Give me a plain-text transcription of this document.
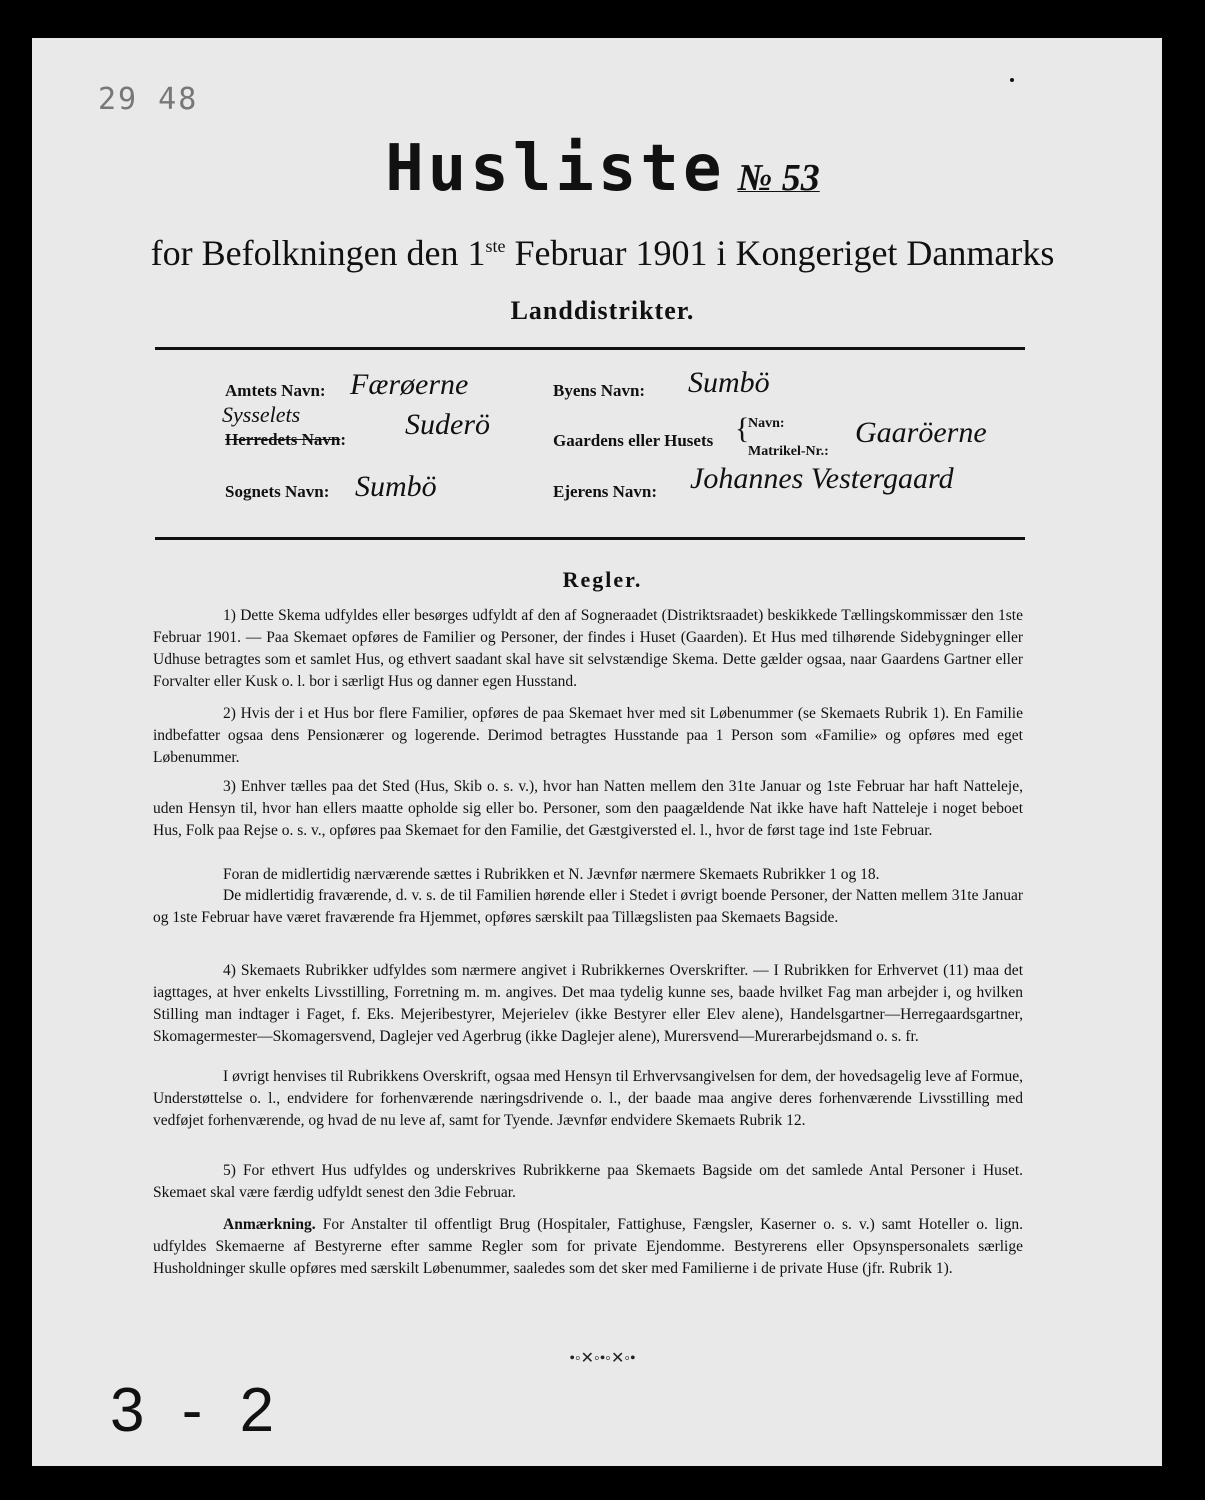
29 48
Husliste № 53
for Befolkningen den 1ste Februar 1901 i Kongeriget Danmarks
Landdistrikter.
Amtets Navn: Færøerne
Sysselets
Herredets Navn: Suderö
Sognets Navn: Sumbö
Byens Navn: Sumbö
Gaardens eller Husets {
Navn:
Matrikel-Nr.:
Gaaröerne
Ejerens Navn: Johannes Vestergaard
Regler.

1) Dette Skema udfyldes eller besørges udfyldt af den af Sogneraadet (Distriktsraadet) beskikkede Tællingskommissær den 1ste Februar 1901. — Paa Skemaet opføres de Familier og Personer, der findes i Huset (Gaarden). Et Hus med tilhørende Sidebygninger eller Udhuse betragtes som et samlet Hus, og ethvert saadant skal have sit selvstændige Skema. Dette gælder ogsaa, naar Gaardens Gartner eller Forvalter eller Kusk o. l. bor i særligt Hus og danner egen Husstand.

2) Hvis der i et Hus bor flere Familier, opføres de paa Skemaet hver med sit Løbenummer (se Skemaets Rubrik 1). En Familie indbefatter ogsaa dens Pensionærer og logerende. Derimod betragtes Husstande paa 1 Person som «Familie» og opføres med eget Løbenummer.

3) Enhver tælles paa det Sted (Hus, Skib o. s. v.), hvor han Natten mellem den 31te Januar og 1ste Februar har haft Natteleje, uden Hensyn til, hvor han ellers maatte opholde sig eller bo. Personer, som den paagældende Nat ikke have haft Natteleje i noget beboet Hus, Folk paa Rejse o. s. v., opføres paa Skemaet for den Familie, det Gæstgiversted el. l., hvor de først tage ind 1ste Februar.

Foran de midlertidig nærværende sættes i Rubrikken et N. Jævnfør nærmere Skemaets Rubrikker 1 og 18.

De midlertidig fraværende, d. v. s. de til Familien hørende eller i Stedet i øvrigt boende Personer, der Natten mellem 31te Januar og 1ste Februar have været fraværende fra Hjemmet, opføres særskilt paa Tillægslisten paa Skemaets Bagside.

4) Skemaets Rubrikker udfyldes som nærmere angivet i Rubrikkernes Overskrifter. — I Rubrikken for Erhvervet (11) maa det iagttages, at hver enkelts Livsstilling, Forretning m. m. angives. Det maa tydelig kunne ses, baade hvilket Fag man arbejder i, og hvilken Stilling man indtager i Faget, f. Eks. Mejeribestyrer, Mejerielev (ikke Bestyrer eller Elev alene), Handelsgartner—Herregaardsgartner, Skomagermester—Skomagersvend, Daglejer ved Agerbrug (ikke Daglejer alene), Murersvend—Murerarbejdsmand o. s. fr.

I øvrigt henvises til Rubrikkens Overskrift, ogsaa med Hensyn til Erhvervsangivelsen for dem, der hovedsagelig leve af Formue, Understøttelse o. l., endvidere for forhenværende næringsdrivende o. l., der baade maa angive deres forhenværende Livsstilling med vedføjet forhenværende, og hvad de nu leve af, samt for Tyende. Jævnfør endvidere Skemaets Rubrik 12.

5) For ethvert Hus udfyldes og underskrives Rubrikkerne paa Skemaets Bagside om det samlede Antal Personer i Huset. Skemaet skal være færdig udfyldt senest den 3die Februar.

Anmærkning. For Anstalter til offentligt Brug (Hospitaler, Fattighuse, Fængsler, Kaserner o. s. v.) samt Hoteller o. lign. udfyldes Skemaerne af Bestyrerne efter samme Regler som for private Ejendomme. Bestyrerens eller Opsynspersonalets særlige Husholdninger skulle opføres med særskilt Løbenummer, saaledes som det sker med Familierne i de private Huse (jfr. Rubrik 1).

•◦✕◦•◦✕◦•
3 - 2
